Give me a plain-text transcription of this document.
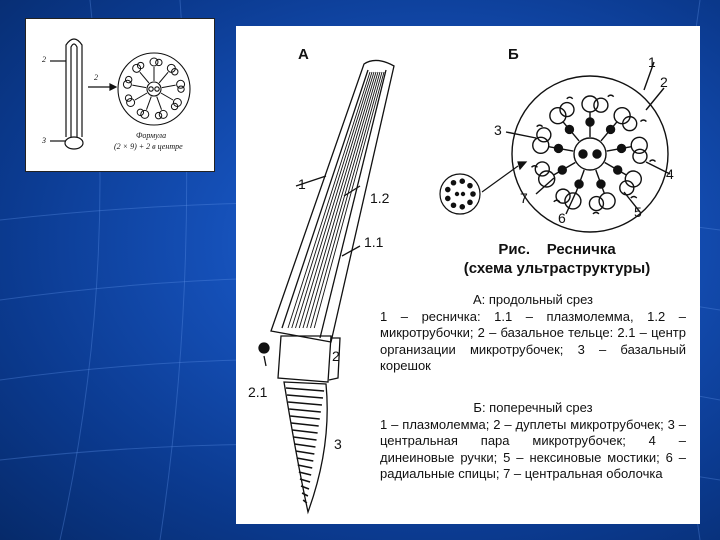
2
2
3
Формула
(2 × 9) + 2 в центре
А	Б
1
1.2
1.1
2
2.1
3
1
2
3
4
7
6	5
Рис.    Ресничка
(схема ультраструктуры)
А: продольный срез
1 – ресничка: 1.1 – плазмолемма, 1.2 – микротрубочки; 2 – базальное тельце: 2.1 – центр организации микротрубочек; 3 – базальный корешок
Б: поперечный срез
1 – плазмолемма; 2 – дуплеты микротрубочек; 3 – центральная пара микротрубочек; 4 – динеиновые ручки; 5 – нексиновые мостики; 6 – радиальные спицы; 7 – центральная оболочка
